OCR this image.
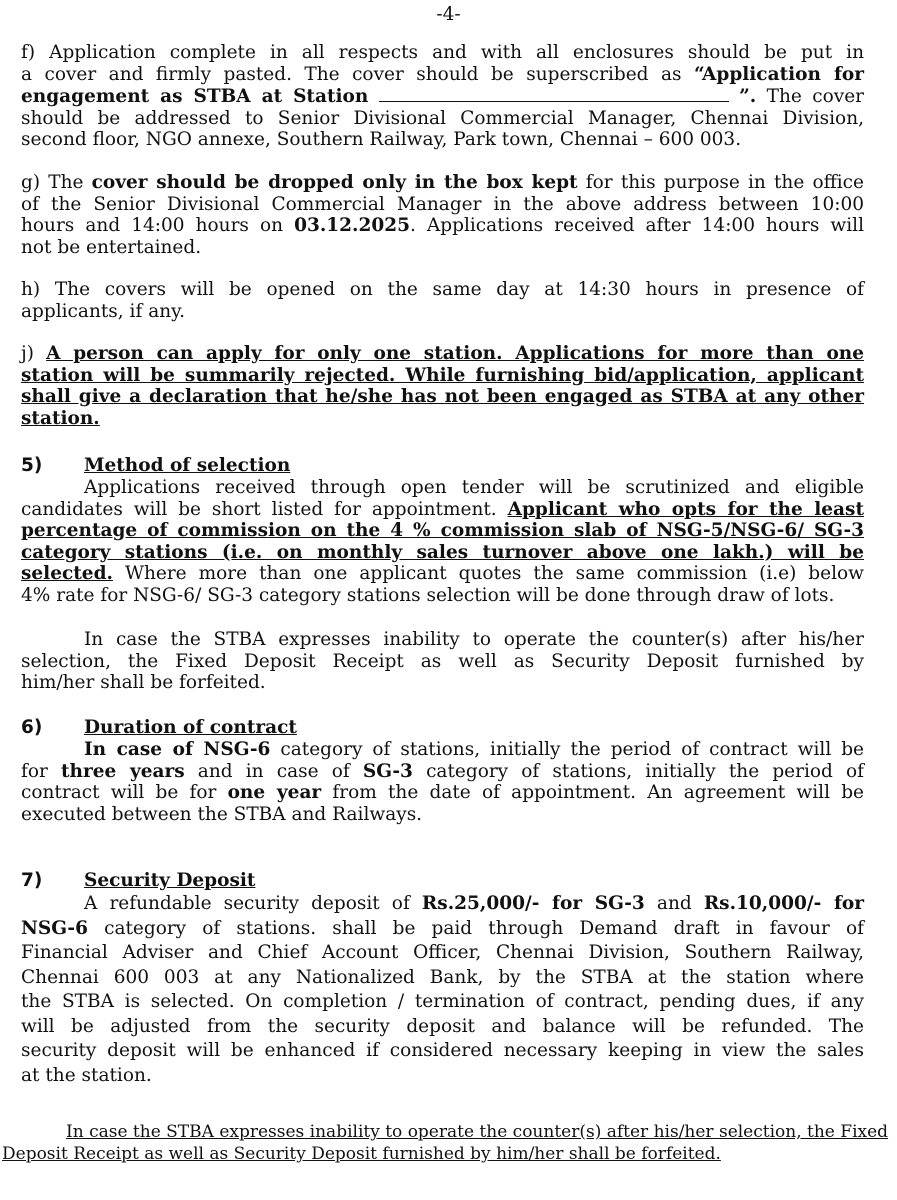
-4-
f) Application complete in all respects and with all enclosures should be put in
a cover and firmly pasted. The cover should be superscribed as “Application for
engagement as STBA at Station	”. The cover
should be addressed to Senior Divisional Commercial Manager, Chennai Division,
second floor, NGO annexe, Southern Railway, Park town, Chennai – 600 003.
g) The cover should be dropped only in the box kept for this purpose in the office
of the Senior Divisional Commercial Manager in the above address between 10:00
hours and 14:00 hours on 03.12.2025. Applications received after 14:00 hours will
not be entertained.
h) The covers will be opened on the same day at 14:30 hours in presence of
applicants, if any.
j) A person can apply for only one station. Applications for more than one
station will be summarily rejected. While furnishing bid/application, applicant
shall give a declaration that he/she has not been engaged as STBA at any other
station.
5) Method of selection
Applications received through open tender will be scrutinized and eligible
candidates will be short listed for appointment. Applicant who opts for the least
percentage of commission on the 4 % commission slab of NSG-5/NSG-6/ SG-3
category stations (i.e. on monthly sales turnover above one lakh.) will be
selected. Where more than one applicant quotes the same commission (i.e) below
4% rate for NSG-6/ SG-3 category stations selection will be done through draw of lots.
In case the STBA expresses inability to operate the counter(s) after his/her
selection, the Fixed Deposit Receipt as well as Security Deposit furnished by
him/her shall be forfeited.
6) Duration of contract
In case of NSG-6 category of stations, initially the period of contract will be
for three years and in case of SG-3 category of stations, initially the period of
contract will be for one year from the date of appointment. An agreement will be
executed between the STBA and Railways.
7) Security Deposit
A refundable security deposit of Rs.25,000/- for SG-3 and Rs.10,000/- for
NSG-6 category of stations. shall be paid through Demand draft in favour of
Financial Adviser and Chief Account Officer, Chennai Division, Southern Railway,
Chennai 600 003 at any Nationalized Bank, by the STBA at the station where
the STBA is selected. On completion / termination of contract, pending dues, if any
will be adjusted from the security deposit and balance will be refunded. The
security deposit will be enhanced if considered necessary keeping in view the sales
at the station.
In case the STBA expresses inability to operate the counter(s) after his/her selection, the Fixed
Deposit Receipt as well as Security Deposit furnished by him/her shall be forfeited.
